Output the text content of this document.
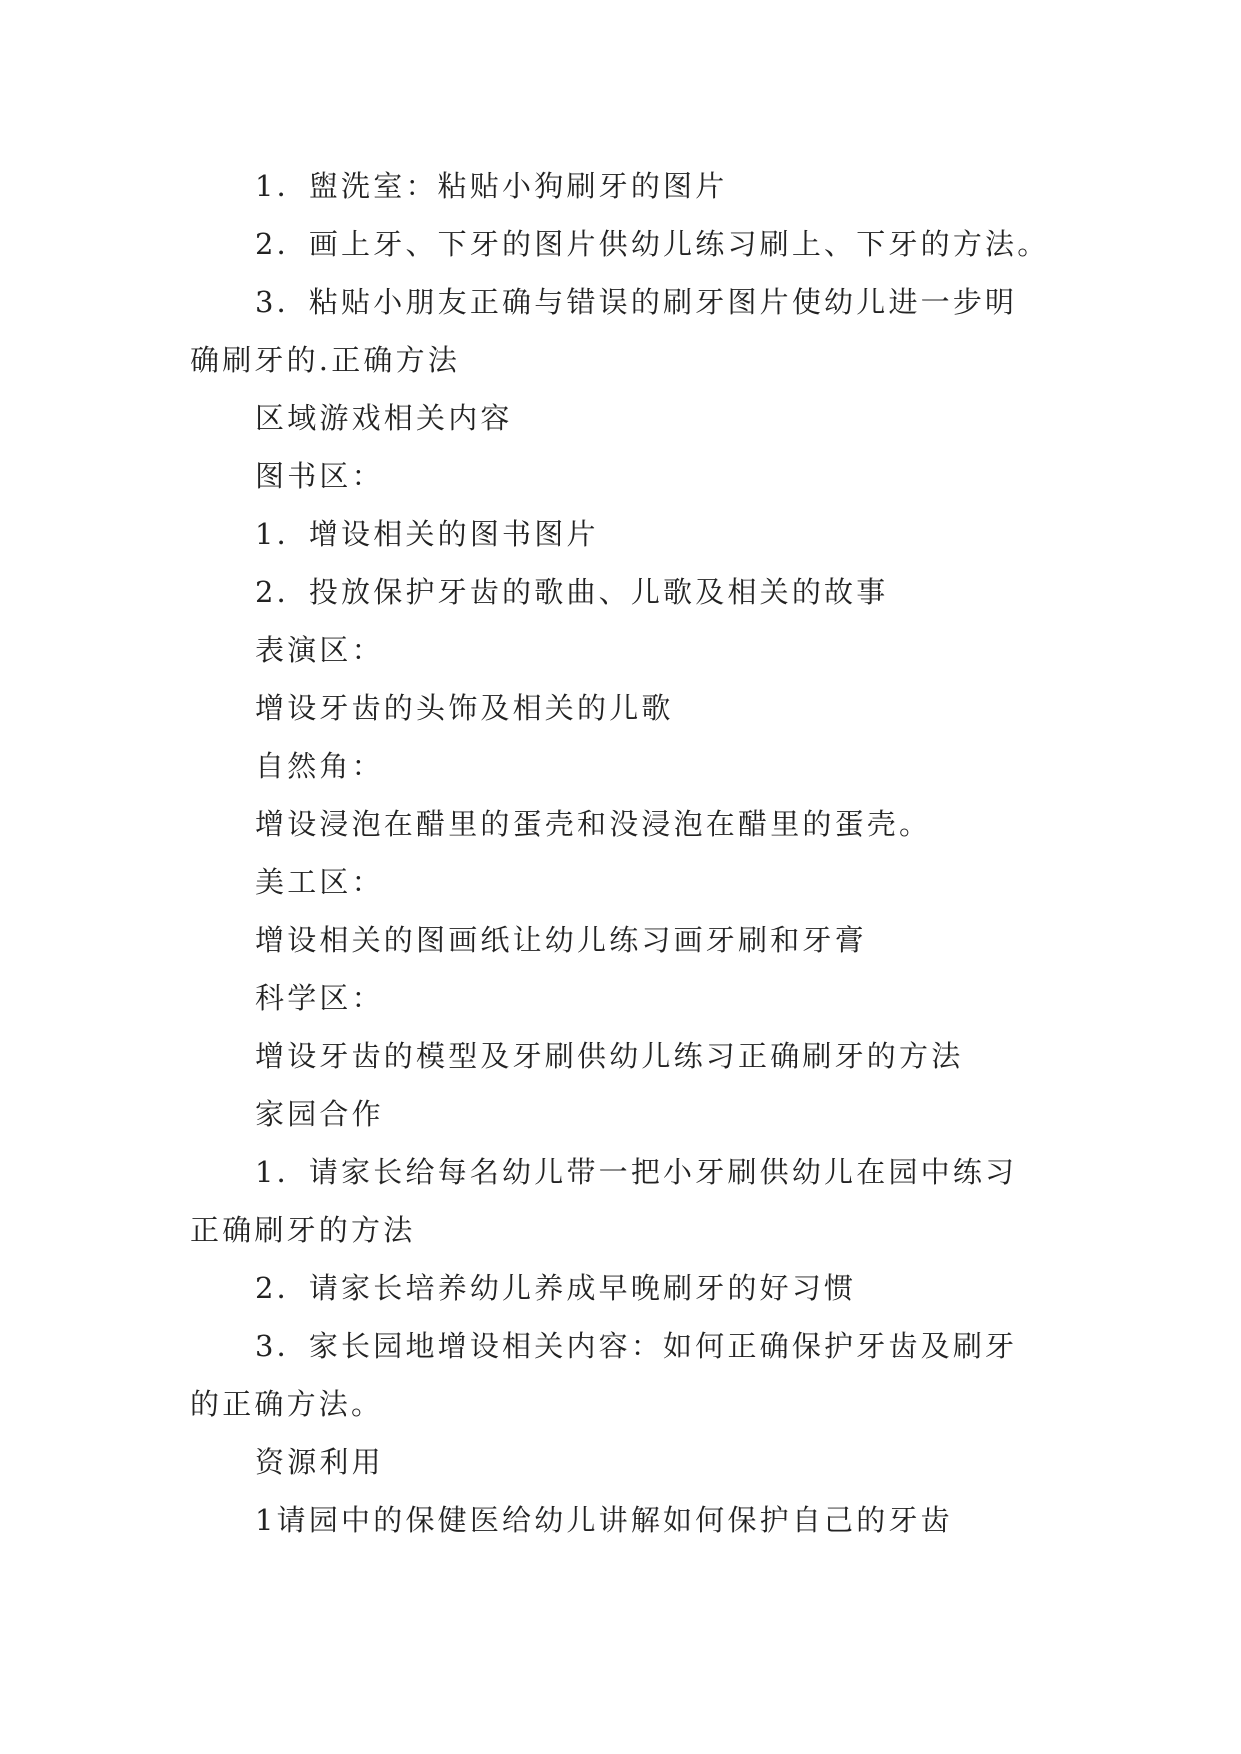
1．盥洗室：粘贴小狗刷牙的图片
2．画上牙、下牙的图片供幼儿练习刷上、下牙的方法。
3．粘贴小朋友正确与错误的刷牙图片使幼儿进一步明
确刷牙的.正确方法
区域游戏相关内容
图书区：
1．增设相关的图书图片
2．投放保护牙齿的歌曲、儿歌及相关的故事
表演区：
增设牙齿的头饰及相关的儿歌
自然角：
增设浸泡在醋里的蛋壳和没浸泡在醋里的蛋壳。
美工区：
增设相关的图画纸让幼儿练习画牙刷和牙膏
科学区：
增设牙齿的模型及牙刷供幼儿练习正确刷牙的方法
家园合作
1．请家长给每名幼儿带一把小牙刷供幼儿在园中练习
正确刷牙的方法
2．请家长培养幼儿养成早晚刷牙的好习惯
3．家长园地增设相关内容：如何正确保护牙齿及刷牙
的正确方法。
资源利用
1请园中的保健医给幼儿讲解如何保护自己的牙齿
